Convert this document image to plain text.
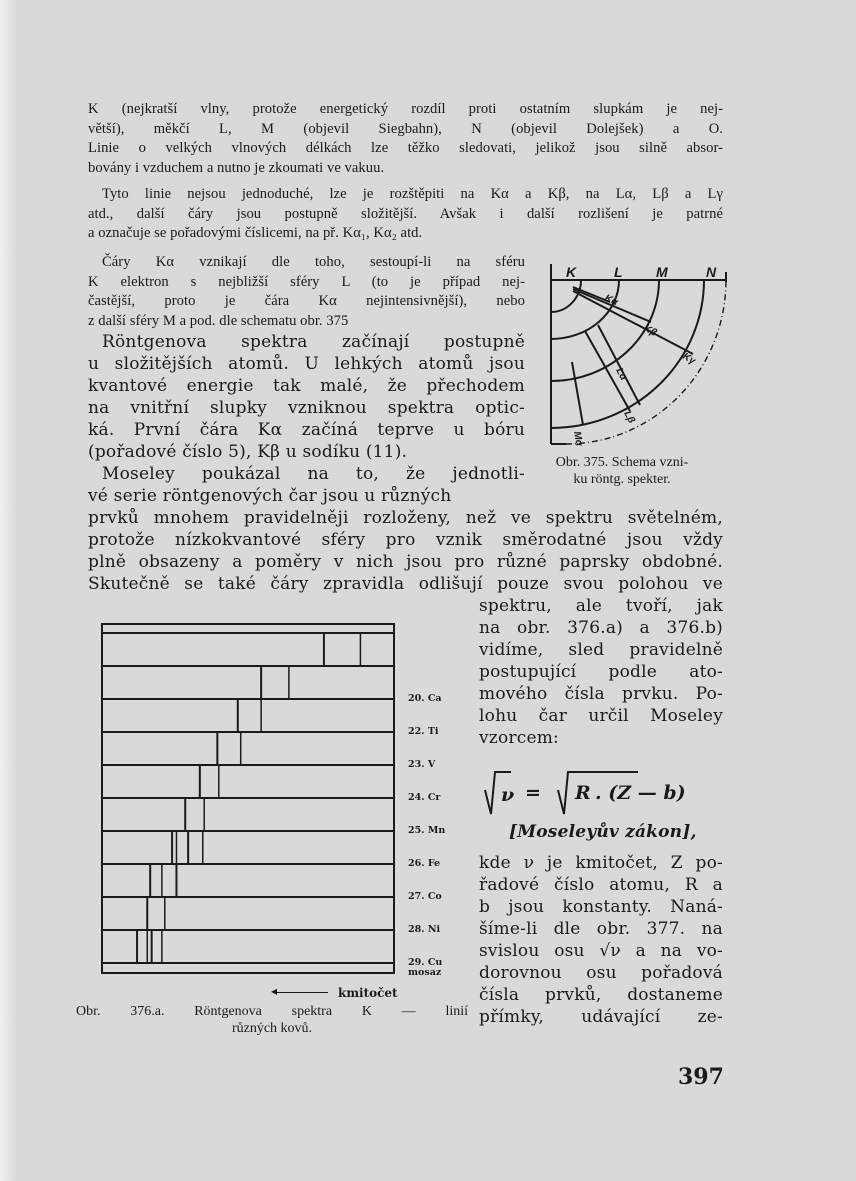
K (nejkratší vlny, protože energetický rozdíl proti ostatním slupkám je nej-
větší), měkčí L, M (objevil Siegbahn), N (objevil Dolejšek) a O.
Linie o velkých vlnových délkách lze těžko sledovati, jelikož jsou silně absor-
bovány i vzduchem a nutno je zkoumati ve vakuu.
Tyto linie nejsou jednoduché, lze je rozštěpiti na Kα a Kβ, na Lα, Lβ a Lγ
atd., další čáry jsou postupně složitější. Avšak i další rozlišení je patrné
a označuje se pořadovými číslicemi, na př. Kα₁, Kα₂ atd.
Čáry Kα vznikají dle toho, sestoupí-li na sféru
K elektron s nejbližší sféry L (to je případ nej-
častější, proto je čára Kα nejintensivnější), nebo
z další sféry M a pod. dle schematu obr. 375
Röntgenova spektra začínají postupně
u složitějších atomů. U lehkých atomů jsou
kvantové energie tak malé, že přechodem
na vnitřní slupky vzniknou spektra optic-
ká. První čára Kα začíná teprve u bóru
(pořadové číslo 5), Kβ u sodíku (11).
Moseley poukázal na to, že jednotli-
vé serie röntgenových čar jsou u různých
prvků mnohem pravidelněji rozloženy, než ve spektru světelném,
protože nízkokvantové sféry pro vznik směrodatné jsou vždy
plně obsazeny a poměry v nich jsou pro různé paprsky obdobné.
Skutečně se také čáry zpravidla odlišují pouze svou polohou ve
spektru, ale tvoří, jak
na obr. 376.a) a 376.b)
vidíme, sled pravidelně
postupující podle ato-
mového čísla prvku. Po-
lohu čar určil Moseley
vzorcem:
ν = R . (Z — b)
[Moseleyův zákon],
kde ν je kmitočet, Z po-
řadové číslo atomu, R a
b jsou konstanty. Naná-
šíme-li dle obr. 377. na
svislou osu √ν a na vo-
dorovnou osu pořadová
čísla prvků, dostaneme
přímky, udávající ze-
K	L M	N
Kα
Kβ
Kγ
Lα
Lβ
Mα
Obr. 375. Schema vzni-
ku röntg. spekter.
20. Ca
22. Ti
23. V
24. Cr
25. Mn
26. Fe
27. Co
28. Ni
29. Cu
mosaz
◂	kmitočet
Obr. 376.a. Röntgenova spektra K — linií
různých kovů.
397
